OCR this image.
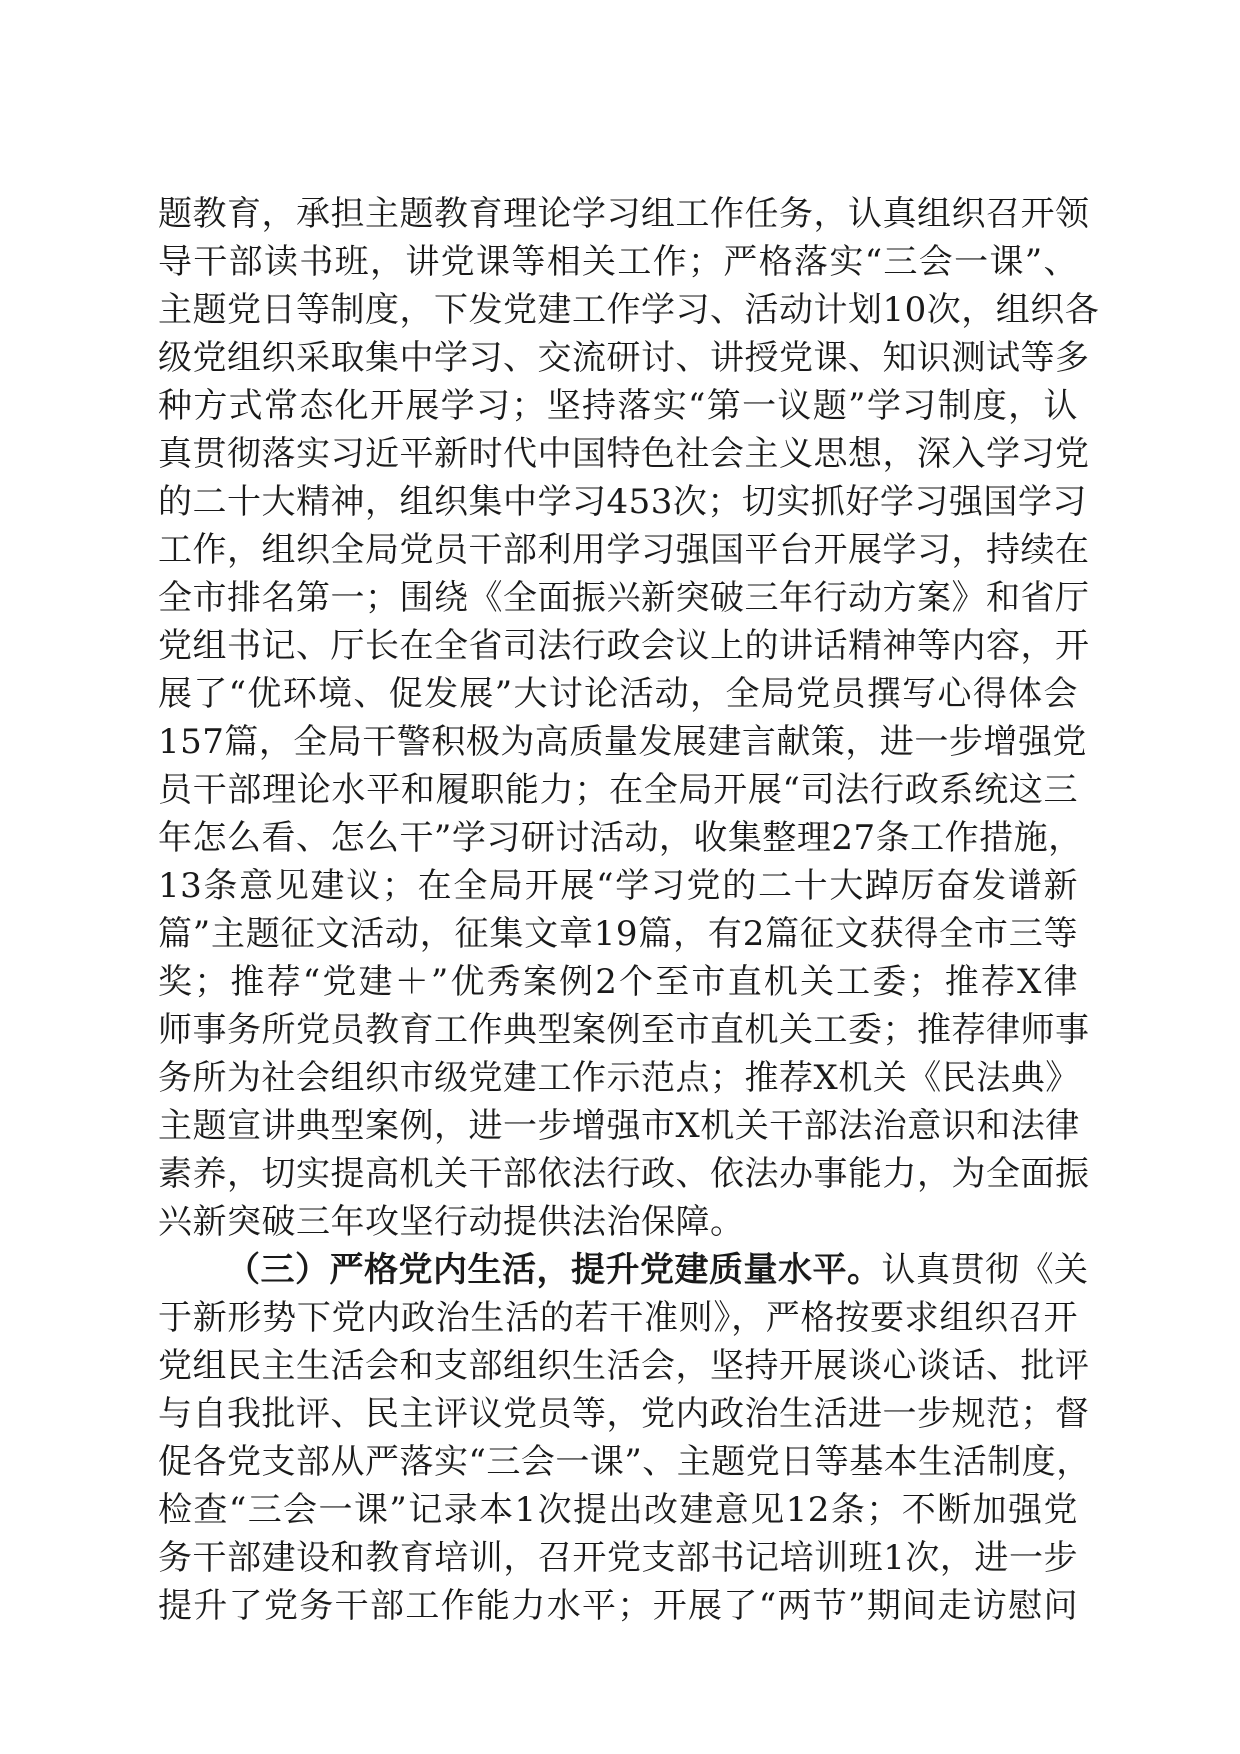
题教育，承担主题教育理论学习组工作任务，认真组织召开领
导干部读书班，讲党课等相关工作；严格落实“三会一课”、
主题党日等制度，下发党建工作学习、活动计划10次，组织各
级党组织采取集中学习、交流研讨、讲授党课、知识测试等多
种方式常态化开展学习；坚持落实“第一议题”学习制度，认
真贯彻落实习近平新时代中国特色社会主义思想，深入学习党
的二十大精神，组织集中学习453次；切实抓好学习强国学习
工作，组织全局党员干部利用学习强国平台开展学习，持续在
全市排名第一；围绕《全面振兴新突破三年行动方案》和省厅
党组书记、厅长在全省司法行政会议上的讲话精神等内容，开
展了“优环境、促发展”大讨论活动，全局党员撰写心得体会
157篇，全局干警积极为高质量发展建言献策，进一步增强党
员干部理论水平和履职能力；在全局开展“司法行政系统这三
年怎么看、怎么干”学习研讨活动，收集整理27条工作措施，
13条意见建议；在全局开展“学习党的二十大踔厉奋发谱新
篇”主题征文活动，征集文章19篇，有2篇征文获得全市三等
奖；推荐“党建＋”优秀案例2个至市直机关工委；推荐X律
师事务所党员教育工作典型案例至市直机关工委；推荐律师事
务所为社会组织市级党建工作示范点；推荐X机关《民法典》
主题宣讲典型案例，进一步增强市X机关干部法治意识和法律
素养，切实提高机关干部依法行政、依法办事能力，为全面振
兴新突破三年攻坚行动提供法治保障。
（三）严格党内生活，提升党建质量水平。认真贯彻《关
于新形势下党内政治生活的若干准则》，严格按要求组织召开
党组民主生活会和支部组织生活会，坚持开展谈心谈话、批评
与自我批评、民主评议党员等，党内政治生活进一步规范；督
促各党支部从严落实“三会一课”、主题党日等基本生活制度，
检查“三会一课”记录本1次提出改建意见12条；不断加强党
务干部建设和教育培训，召开党支部书记培训班1次，进一步
提升了党务干部工作能力水平；开展了“两节”期间走访慰问
